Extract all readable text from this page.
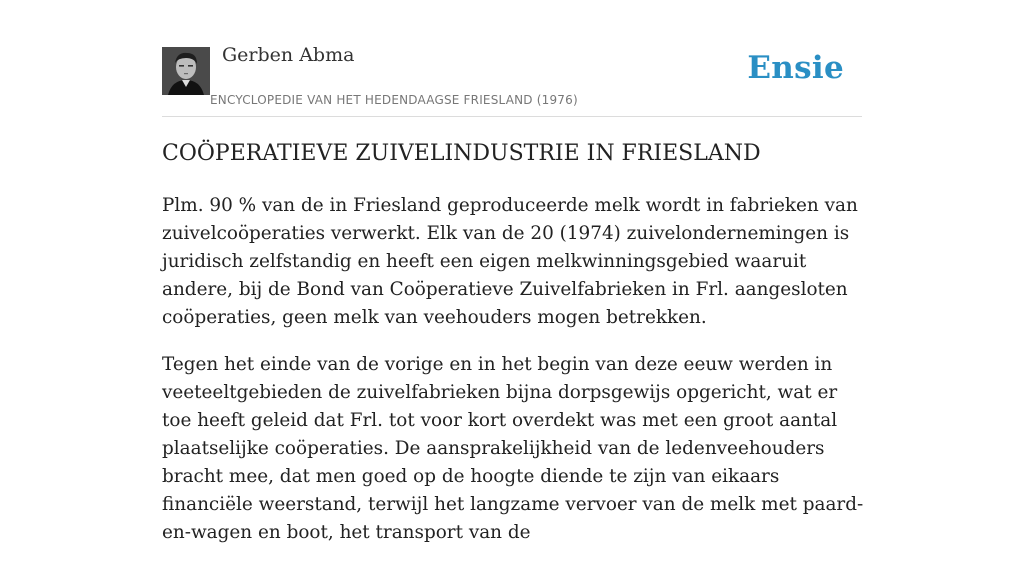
Gerben Abma
ENCYCLOPEDIE VAN HET HEDENDAAGSE FRIESLAND (1976)
Ensie
COÖPERATIEVE ZUIVELINDUSTRIE IN FRIESLAND

Plm. 90 % van de in Friesland geproduceerde melk wordt in fabrieken van zuivelcoöperaties verwerkt. Elk van de 20 (1974) zuivelondernemingen is juridisch zelfstandig en heeft een eigen melkwinningsgebied waaruit andere, bij de Bond van Coöperatieve Zuivelfabrieken in Frl. aangesloten coöperaties, geen melk van veehouders mogen betrekken.

Tegen het einde van de vorige en in het begin van deze eeuw werden in veeteeltgebieden de zuivelfabrieken bijna dorpsgewijs opgericht, wat er toe heeft geleid dat Frl. tot voor kort overdekt was met een groot aantal plaatselijke coöperaties. De aansprakelijkheid van de ledenveehouders bracht mee, dat men goed op de hoogte diende te zijn van eikaars financiële weerstand, terwijl het langzame vervoer van de melk met paard-en-wagen en boot, het transport van de
